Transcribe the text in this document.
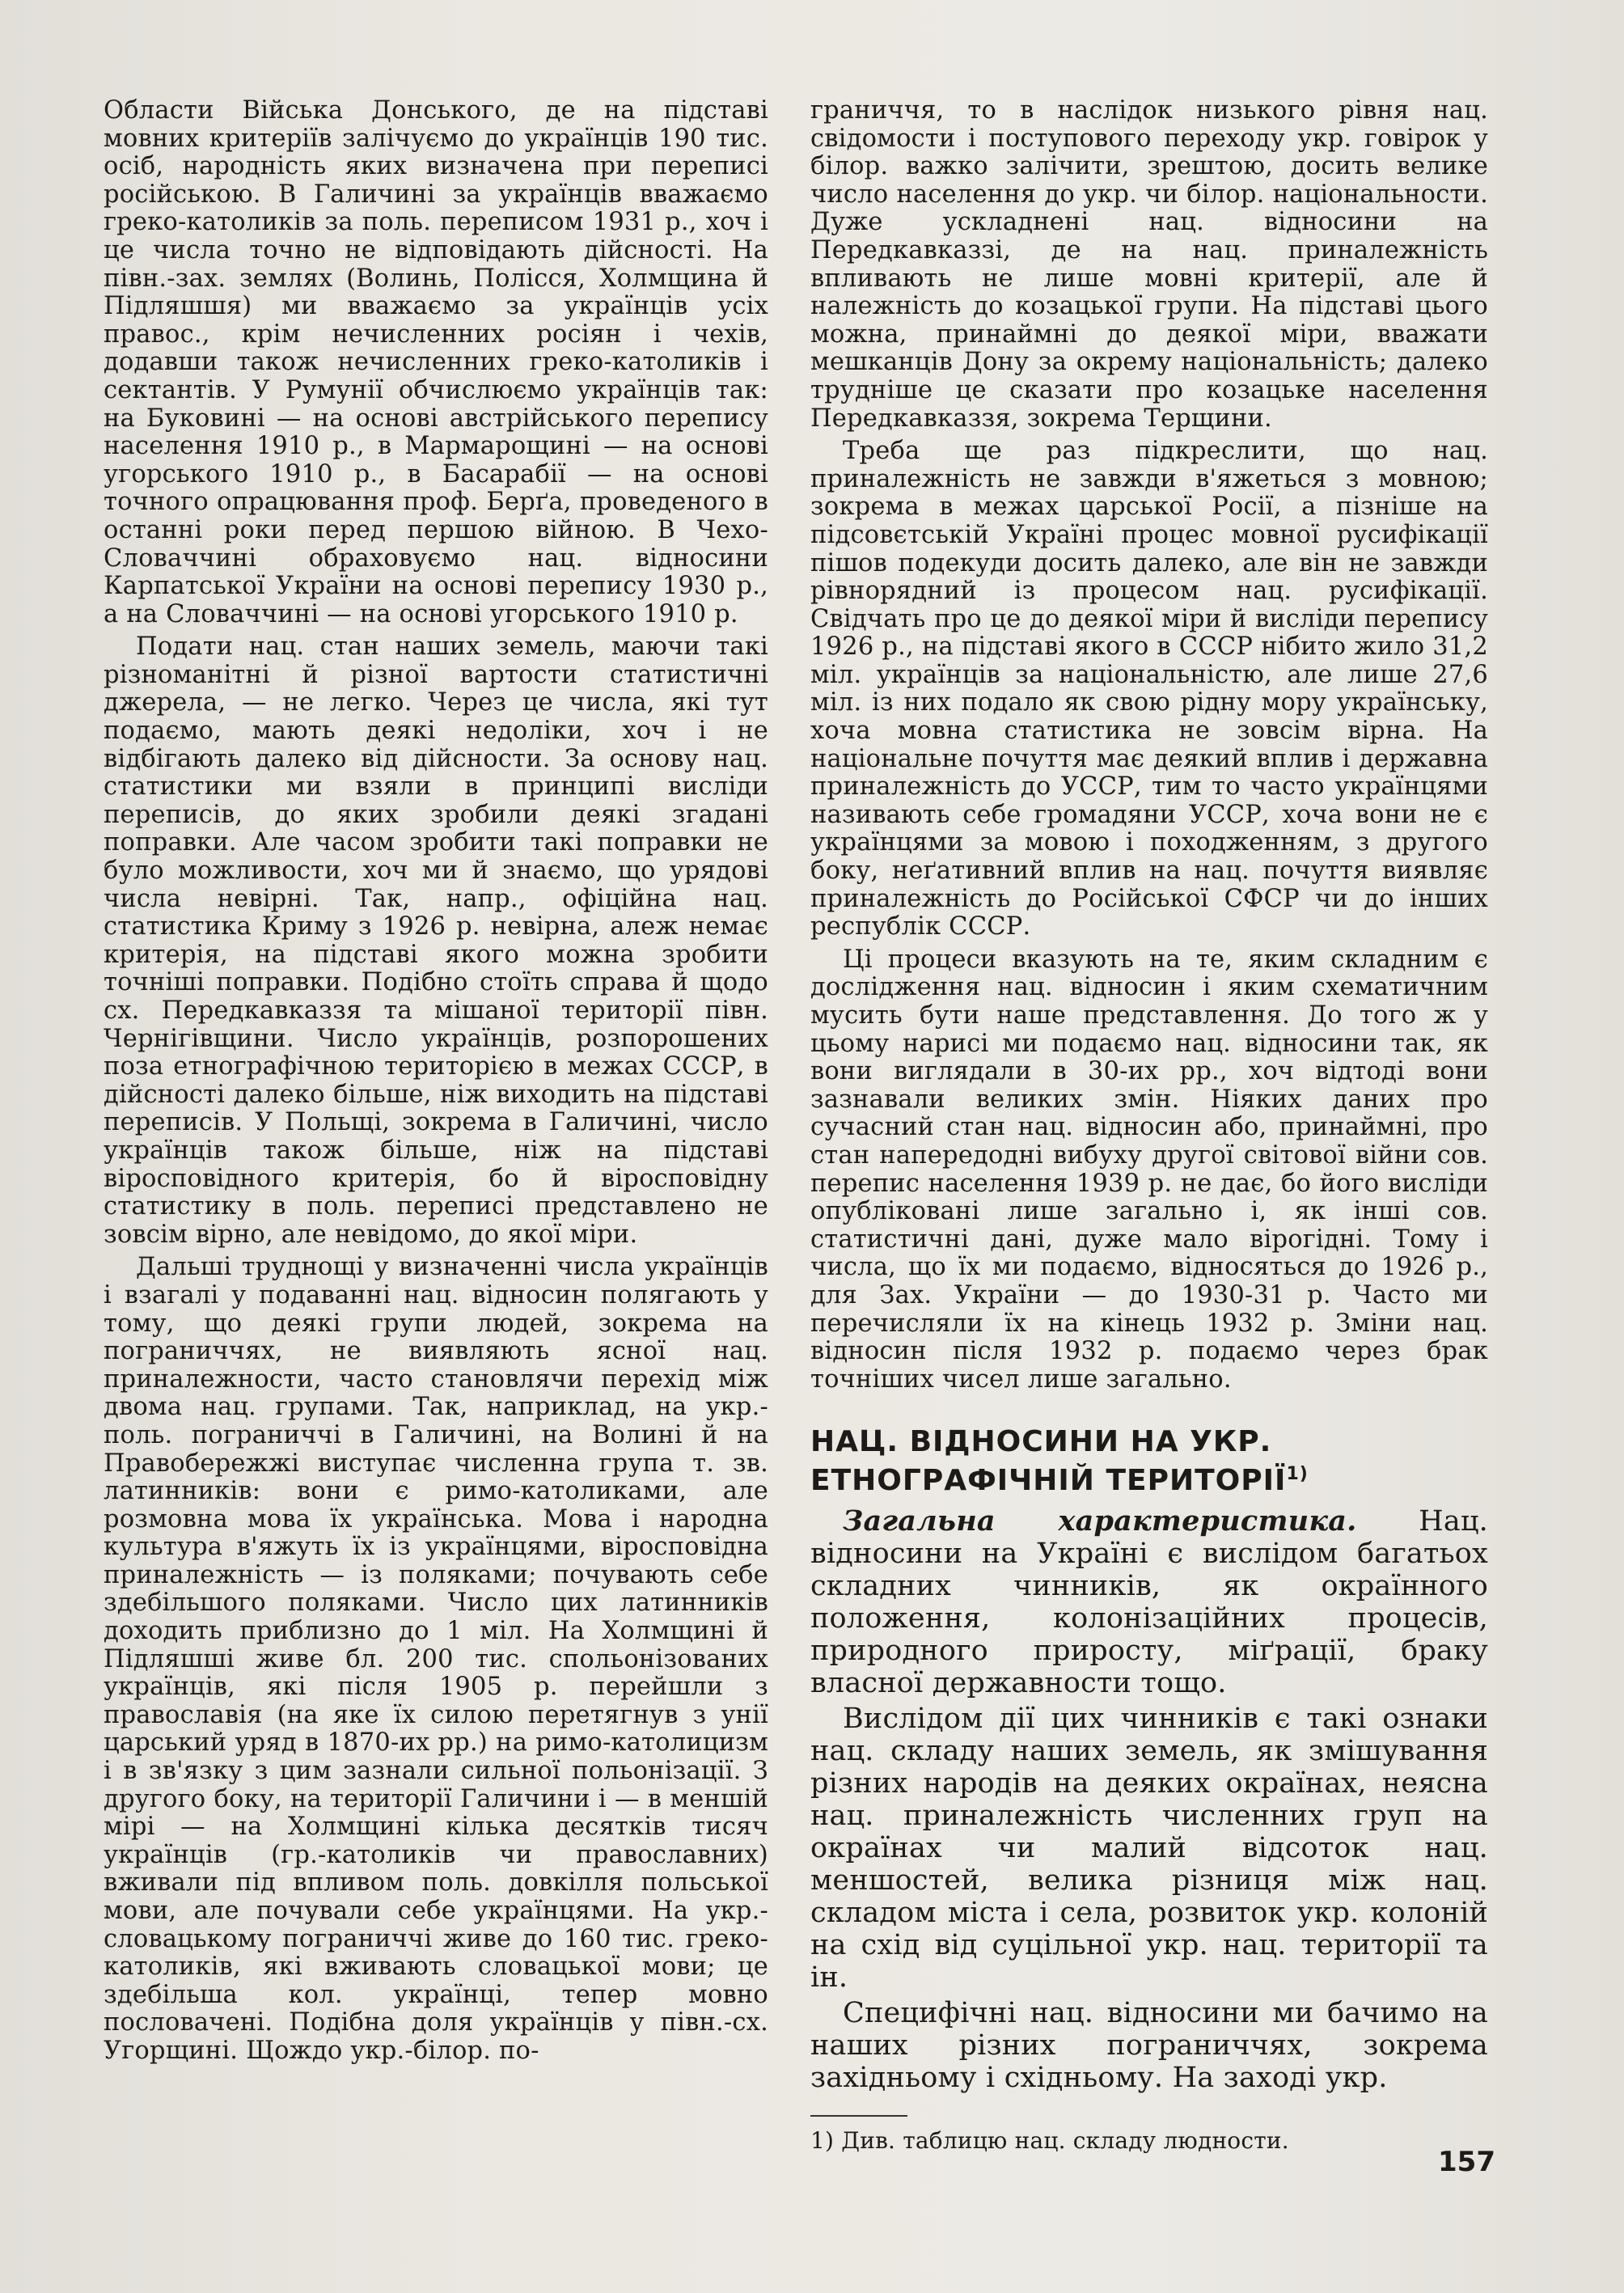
Области Війська Донського, де на підставі мовних критеріїв залічуємо до українців 190 тис. осіб, народність яких визначена при переписі російською. В Галичині за українців вважаємо греко-католиків за поль. переписом 1931 р., хоч і це числа точно не відповідають дійсності. На півн.-зах. землях (Волинь, Полісся, Холмщина й Підляшшя) ми вважаємо за українців усіх правос., крім нечисленних росіян і чехів, додавши також нечисленних греко-католиків і сектантів. У Румунії обчислюємо українців так: на Буковині — на основі австрійського перепису населення 1910 р., в Мармарощині — на основі угорського 1910 р., в Басарабії — на основі точного опрацювання проф. Берґа, проведеного в останні роки перед першою війною. В Чехо-Словаччині обраховуємо нац. відносини Карпатської України на основі перепису 1930 р., а на Словаччині — на основі угорського 1910 р.

Подати нац. стан наших земель, маючи такі різноманітні й різної вартости статистичні джерела, — не легко. Через це числа, які тут подаємо, мають деякі недоліки, хоч і не відбігають далеко від дійсности. За основу нац. статистики ми взяли в принципі висліди переписів, до яких зробили деякі згадані поправки. Але часом зробити такі поправки не було можливости, хоч ми й знаємо, що урядові числа невірні. Так, напр., офіційна нац. статистика Криму з 1926 р. невірна, алеж немає критерія, на підставі якого можна зробити точніші поправки. Подібно стоїть справа й щодо сх. Передкавказзя та мішаної території півн. Чернігівщини. Число українців, розпорошених поза етнографічною територією в межах СССР, в дійсності далеко більше, ніж виходить на підставі переписів. У Польщі, зокрема в Галичині, число українців також більше, ніж на підставі віросповідного критерія, бо й віросповідну статистику в поль. переписі представлено не зовсім вірно, але невідомо, до якої міри.

Дальші труднощі у визначенні числа українців і взагалі у подаванні нац. відносин полягають у тому, що деякі групи людей, зокрема на пограниччях, не виявляють ясної нац. приналежности, часто становлячи перехід між двома нац. групами. Так, наприклад, на укр.-поль. пограниччі в Галичині, на Волині й на Правобережжі виступає численна група т. зв. латинників: вони є римо-католиками, але розмовна мова їх українська. Мова і народна культура в'яжуть їх із українцями, віросповідна приналежність — із поляками; почувають себе здебільшого поляками. Число цих латинників доходить приблизно до 1 міл. На Холмщині й Підляшші живе бл. 200 тис. спольонізованих українців, які після 1905 р. перейшли з православія (на яке їх силою перетягнув з унії царський уряд в 1870-их рр.) на римо-католицизм і в зв'язку з цим зазнали сильної польонізації. З другого боку, на території Галичини і — в меншій мірі — на Холмщині кілька десятків тисяч українців (гр.-католиків чи православних) вживали під впливом поль. довкілля польської мови, але почували себе українцями. На укр.-словацькому пограниччі живе до 160 тис. греко-католиків, які вживають словацької мови; це здебільша кол. українці, тепер мовно пословачені. Подібна доля українців у півн.-сх. Угорщині. Щождо укр.-білор. по-

граниччя, то в наслідок низького рівня нац. свідомости і поступового переходу укр. говірок у білор. важко залічити, зрештою, досить велике число населення до укр. чи білор. національности. Дуже ускладнені нац. відносини на Передкавказзі, де на нац. приналежність впливають не лише мовні критерії, але й належність до козацької групи. На підставі цього можна, принаймні до деякої міри, вважати мешканців Дону за окрему національність; далеко трудніше це сказати про козацьке населення Передкавказзя, зокрема Терщини.

Треба ще раз підкреслити, що нац. приналежність не завжди в'яжеться з мовною; зокрема в межах царської Росії, а пізніше на підсовєтській Україні процес мовної русифікації пішов подекуди досить далеко, але він не завжди рівнорядний із процесом нац. русифікації. Свідчать про це до деякої міри й висліди перепису 1926 р., на підставі якого в СССР нібито жило 31,2 міл. українців за національністю, але лише 27,6 міл. із них подало як свою рідну мору українську, хоча мовна статистика не зовсім вірна. На національне почуття має деякий вплив і державна приналежність до УССР, тим то часто українцями називають себе громадяни УССР, хоча вони не є українцями за мовою і походженням, з другого боку, неґативний вплив на нац. почуття виявляє приналежність до Російської СФСР чи до інших республік СССР.

Ці процеси вказують на те, яким складним є дослідження нац. відносин і яким схематичним мусить бути наше представлення. До того ж у цьому нарисі ми подаємо нац. відносини так, як вони виглядали в 30-их рр., хоч відтоді вони зазнавали великих змін. Ніяких даних про сучасний стан нац. відносин або, принаймні, про стан напередодні вибуху другої світової війни сов. перепис населення 1939 р. не дає, бо його висліди опубліковані лише загально і, як інші сов. статистичні дані, дуже мало вірогідні. Тому і числа, що їх ми подаємо, відносяться до 1926 р., для Зах. України — до 1930-31 р. Часто ми перечисляли їх на кінець 1932 р. Зміни нац. відносин після 1932 р. подаємо через брак точніших чисел лише загально.

НАЦ. ВІДНОСИНИ НА УКР. ЕТНОГРАФІЧНІЙ ТЕРИТОРІЇ$^{1)}$

Загальна характеристика. Нац. відносини на Україні є вислідом багатьох складних чинників, як окраїнного положення, колонізаційних процесів, природного приросту, міґрації, браку власної державности тощо.

Вислідом дії цих чинників є такі ознаки нац. складу наших земель, як змішування різних народів на деяких окраїнах, неясна нац. приналежність численних груп на окраїнах чи малий відсоток нац. меншостей, велика різниця між нац. складом міста і села, розвиток укр. колоній на схід від суцільної укр. нац. території та ін.

Специфічні нац. відносини ми бачимо на наших різних пограниччях, зокрема західньому і східньому. На заході укр.

1) Див. таблицю нац. складу людности.
157
